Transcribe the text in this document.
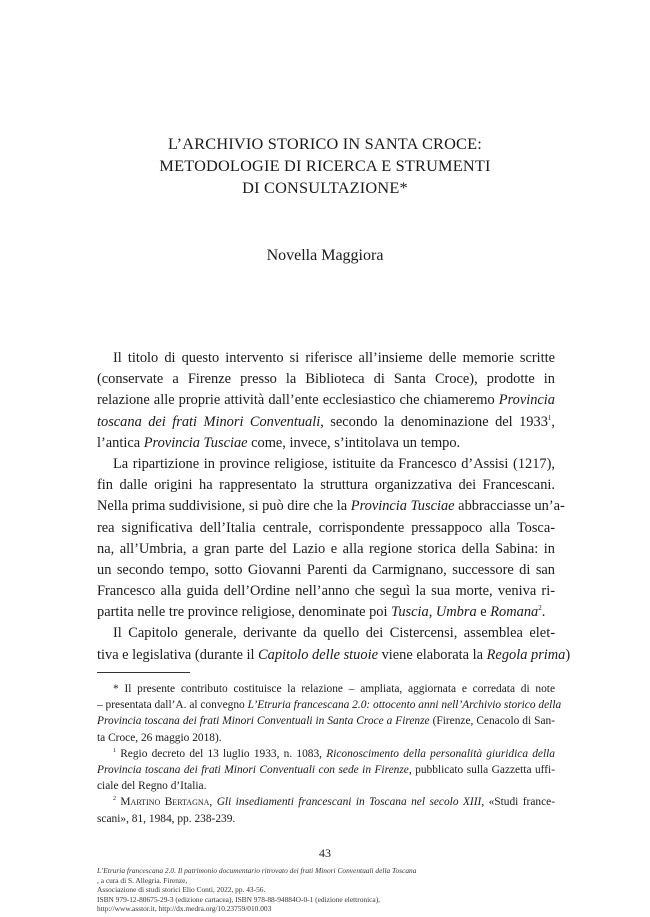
L’ARCHIVIO STORICO IN SANTA CROCE:
METODOLOGIE DI RICERCA E STRUMENTI
DI CONSULTAZIONE*
Novella Maggiora
Il titolo di questo intervento si riferisce all’insieme delle memorie scritte
(conservate a Firenze presso la Biblioteca di Santa Croce), prodotte in
relazione alle proprie attività dall’ente ecclesiastico che chiameremo Provincia
toscana dei frati Minori Conventuali, secondo la denominazione del 1933$^1$,
l’antica Provincia Tusciae come, invece, s’intitolava un tempo.
La ripartizione in province religiose, istituite da Francesco d’Assisi (1217),
fin dalle origini ha rappresentato la struttura organizzativa dei Francescani.
Nella prima suddivisione, si può dire che la Provincia Tusciae abbracciasse un’a-
rea significativa dell’Italia centrale, corrispondente pressappoco alla Tosca-
na, all’Umbria, a gran parte del Lazio e alla regione storica della Sabina: in
un secondo tempo, sotto Giovanni Parenti da Carmignano, successore di san
Francesco alla guida dell’Ordine nell’anno che seguì la sua morte, veniva ri-
partita nelle tre province religiose, denominate poi Tuscia, Umbra e Romana$^2$.
Il Capitolo generale, derivante da quello dei Cistercensi, assemblea elet-
tiva e legislativa (durante il Capitolo delle stuoie viene elaborata la Regola prima)
* Il presente contributo costituisce la relazione – ampliata, aggiornata e corredata di note
– presentata dall’A. al convegno L’Etruria francescana 2.0: ottocento anni nell’Archivio storico della
Provincia toscana dei frati Minori Conventuali in Santa Croce a Firenze (Firenze, Cenacolo di San-
ta Croce, 26 maggio 2018).
$^1$ Regio decreto del 13 luglio 1933, n. 1083, Riconoscimento della personalità giuridica della
Provincia toscana dei frati Minori Conventuali con sede in Firenze, pubblicato sulla Gazzetta uffi-
ciale del Regno d’Italia.
$^2$ Martino Bertagna, Gli insediamenti francescani in Toscana nel secolo XIII, «Studi france-
scani», 81, 1984, pp. 238-239.
43
L’Etruria francescana 2.0. Il patrimonio documentario ritrovato dei frati Minori Conventuali della Toscana
, a cura di S. Allegria. Firenze,
Associazione di studi storici Elio Conti, 2022, pp. 43-56.
ISBN 979-12-80675-29-3 (edizione cartacea), ISBN 978-88-94884O-0-1 (edizione elettronica),
http://www.asstor.it, http://dx.medra.org/10.23759/010.003
